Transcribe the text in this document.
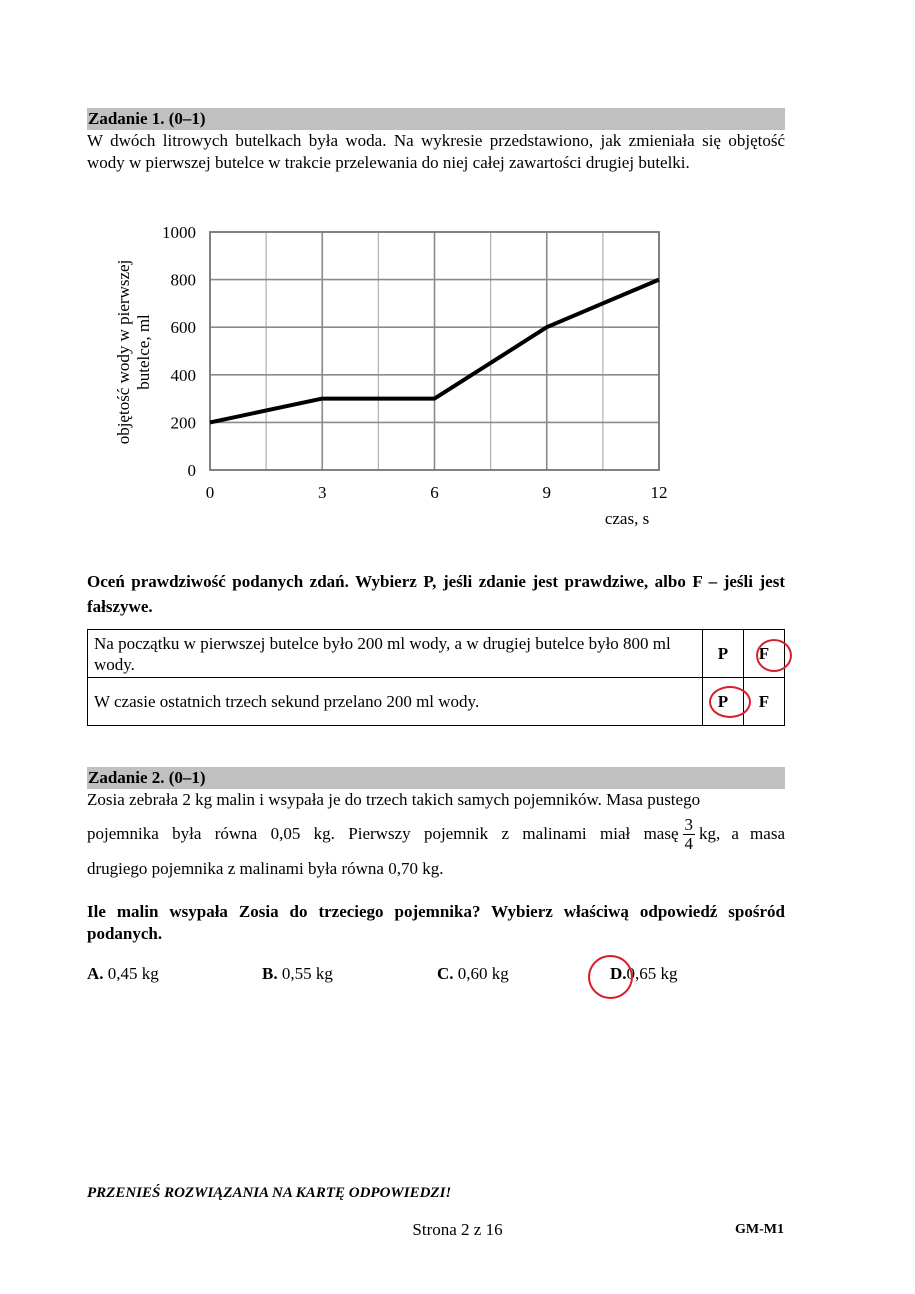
Zadanie 1. (0–1)
W dwóch litrowych butelkach była woda. Na wykresie przedstawiono, jak zmieniała się objętość wody w pierwszej butelce w trakcie przelewania do niej całej zawartości drugiej butelki.
0
200
400
600
800
1000
0	3	6	9	12
objętość wody w pierwszej butelce, ml
czas, s
Oceń prawdziwość podanych zdań. Wybierz P, jeśli zdanie jest prawdziwe, albo F – jeśli jest fałszywe.
Na początku w pierwszej butelce było 200 ml wody, a w drugiej butelce było 800 ml wody.	P	F

W czasie ostatnich trzech sekund przelano 200 ml wody.	P	F
Zadanie 2. (0–1)
Zosia zebrała 2 kg malin i wsypała je do trzech takich samych pojemników. Masa pustego
pojemnika była równa 0,05 kg. Pierwszy pojemnik z malinami miał masę $\frac{3}{4}$ kg, a masa
drugiego pojemnika z malinami była równa 0,70 kg.
Ile malin wsypała Zosia do trzeciego pojemnika? Wybierz właściwą odpowiedź spośród podanych.
A. 0,45 kg	B. 0,55 kg	C. 0,60 kg	D.0,65 kg
PRZENIEŚ ROZWIĄZANIA NA KARTĘ ODPOWIEDZI!
Strona 2 z 16	GM-M1
